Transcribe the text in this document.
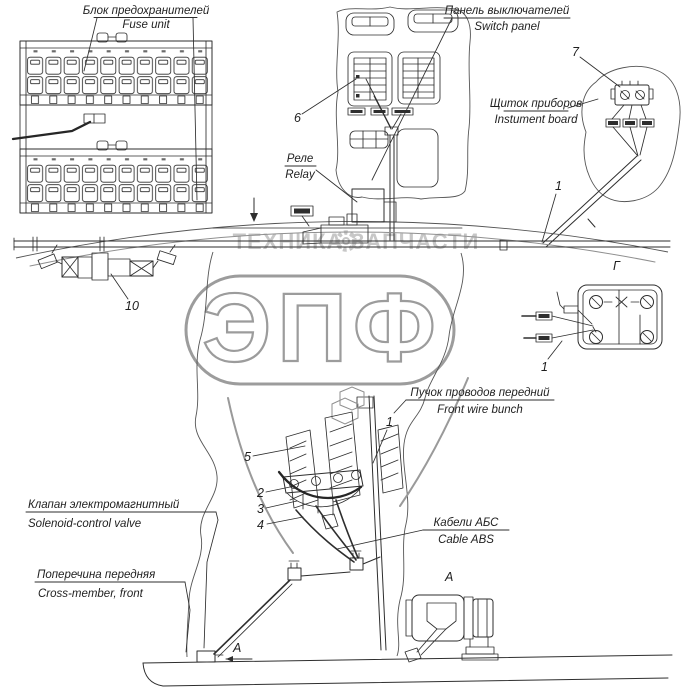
ТЕХНИКА ЗАПЧАСТИ
ЭПФ
Блок предохранителей
Fuse unit
Панель выключателей
Switch panel
6
Щиток приборов
Instument board
7
1
Реле
Relay
10
5
2
3
4
1
Пучок проводов передний
Front wire bunch
Кабели АБС
Cable ABS
Клапан электромагнитный
Solenoid-control valve
Поперечина передняя
Cross-member, front
А
Г
1
А
